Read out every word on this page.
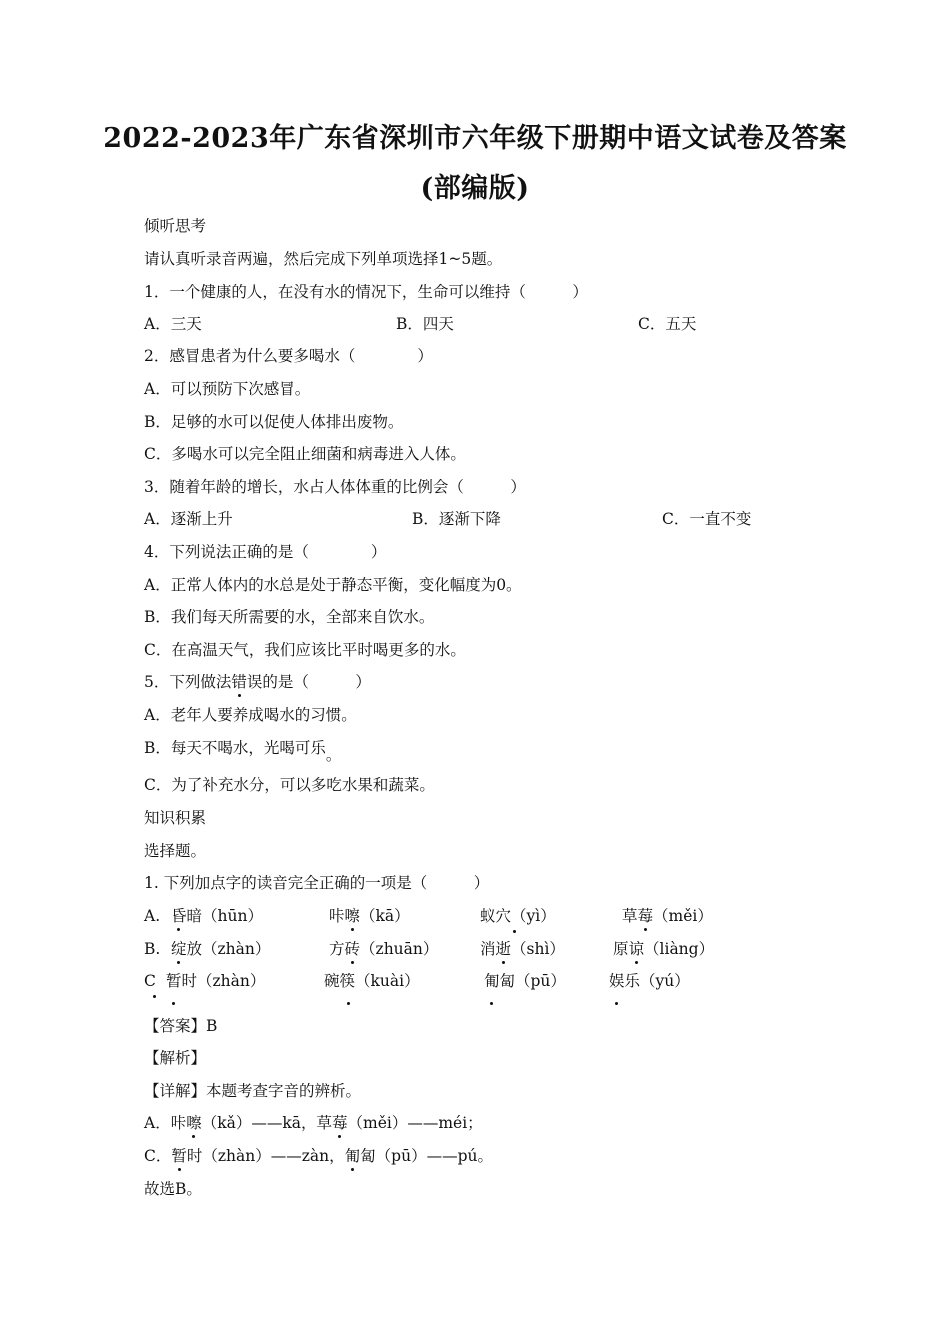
2022-2023年广东省深圳市六年级下册期中语文试卷及答案
(部编版)
倾听思考
请认真听录音两遍，然后完成下列单项选择1~5题。
1．一个健康的人，在没有水的情况下，生命可以维持（　　　）
A．三天	B．四天	C．五天
2．感冒患者为什么要多喝水（　　　　）
A．可以预防下次感冒。
B．足够的水可以促使人体排出废物。
C．多喝水可以完全阻止细菌和病毒进入人体。
3．随着年龄的增长，水占人体体重的比例会（　　　）
A．逐渐上升	B．逐渐下降	C．一直不变
4．下列说法正确的是（　　　　）
A．正常人体内的水总是处于静态平衡，变化幅度为0。
B．我们每天所需要的水，全部来自饮水。
C．在高温天气，我们应该比平时喝更多的水。
5．下列做法错误的是（　　　）
A．老年人要养成喝水的习惯。
B．每天不喝水，光喝可乐。
C．为了补充水分，可以多吃水果和蔬菜。
知识积累
选择题。
1. 下列加点字的读音完全正确的一项是（　　　）
A. 昏暗（hūn）	咔嚓（kā）	蚁穴（yì）	草莓（měi）
B. 绽放（zhàn）	方砖（zhuān）	消逝（shì）	原谅（liàng）
C 暂时（zhàn）	碗筷（kuài）	匍匐（pū）	娱乐（yú）
【答案】B
【解析】
【详解】本题考查字音的辨析。
A．咔嚓（kǎ）——kā，草莓（měi）——méi；
C．暂时（zhàn）——zàn，匍匐（pū）——pú。
故选B。
